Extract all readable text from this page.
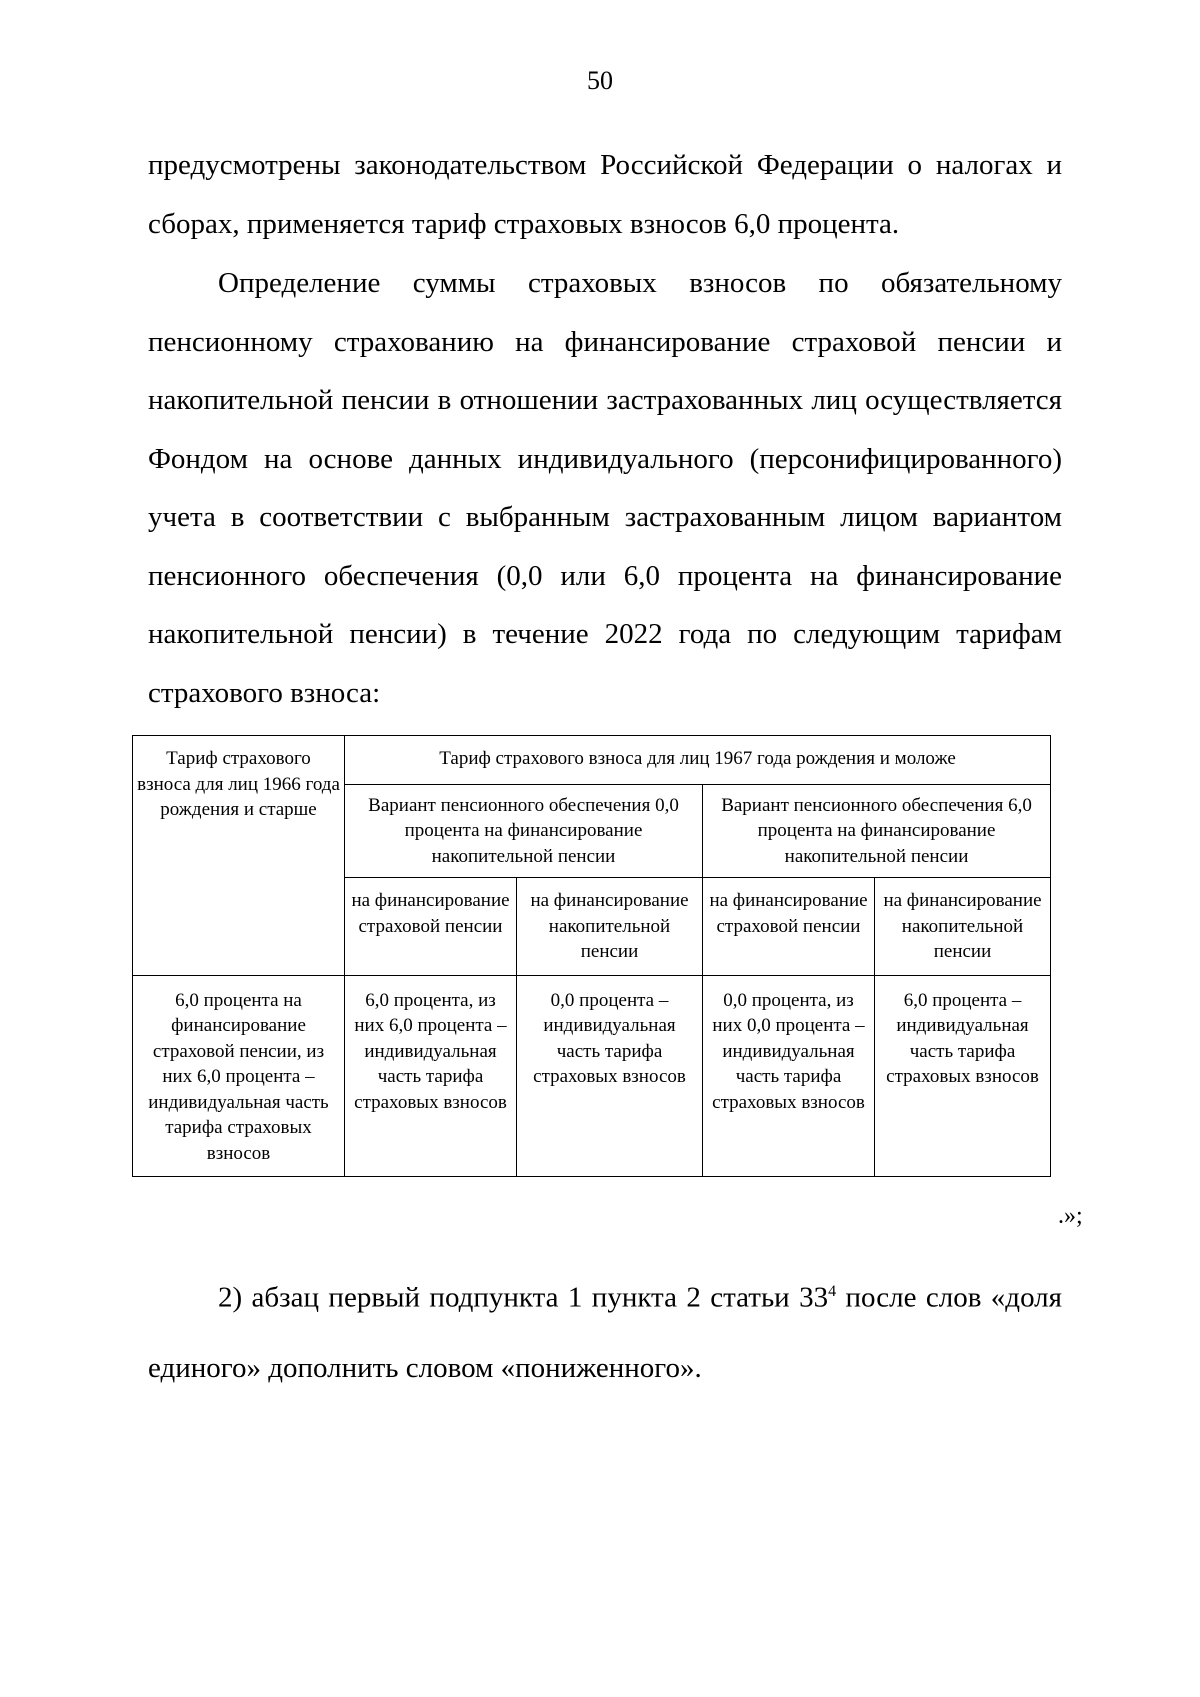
50

предусмотрены законодательством Российской Федерации о налогах и сборах, применяется тариф страховых взносов 6,0 процента.

Определение суммы страховых взносов по обязательному пенсионному страхованию на финансирование страховой пенсии и накопительной пенсии в отношении застрахованных лиц осуществляется Фондом на основе данных индивидуального (персонифицированного) учета в соответствии с выбранным застрахованным лицом вариантом пенсионного обеспечения (0,0 или 6,0 процента на финансирование накопительной пенсии) в течение 2022 года по следующим тарифам страхового взноса:

Тариф страхового взноса для лиц 1966 года рождения и старше	Тариф страхового взноса для лиц 1967 года рождения и моложе			
	Вариант пенсионного обеспечения 0,0 процента на финансирование накопительной пенсии		Вариант пенсионного обеспечения 6,0 процента на финансирование накопительной пенсии	
	на финансирование страховой пенсии	на финансирование накопительной пенсии	на финансирование страховой пенсии	на финансирование накопительной пенсии
6,0 процента на финансирование страховой пенсии, из них 6,0 процента – индивидуальная часть тарифа страховых взносов	6,0 процента, из них 6,0 процента – индивидуальная часть тарифа страховых взносов	0,0 процента – индивидуальная часть тарифа страховых взносов	0,0 процента, из них 0,0 процента – индивидуальная часть тарифа страховых взносов	6,0 процента – индивидуальная часть тарифа страховых взносов
.»;

2) абзац первый подпункта 1 пункта 2 статьи $33^4$ после слов «доля единого» дополнить словом «пониженного».
